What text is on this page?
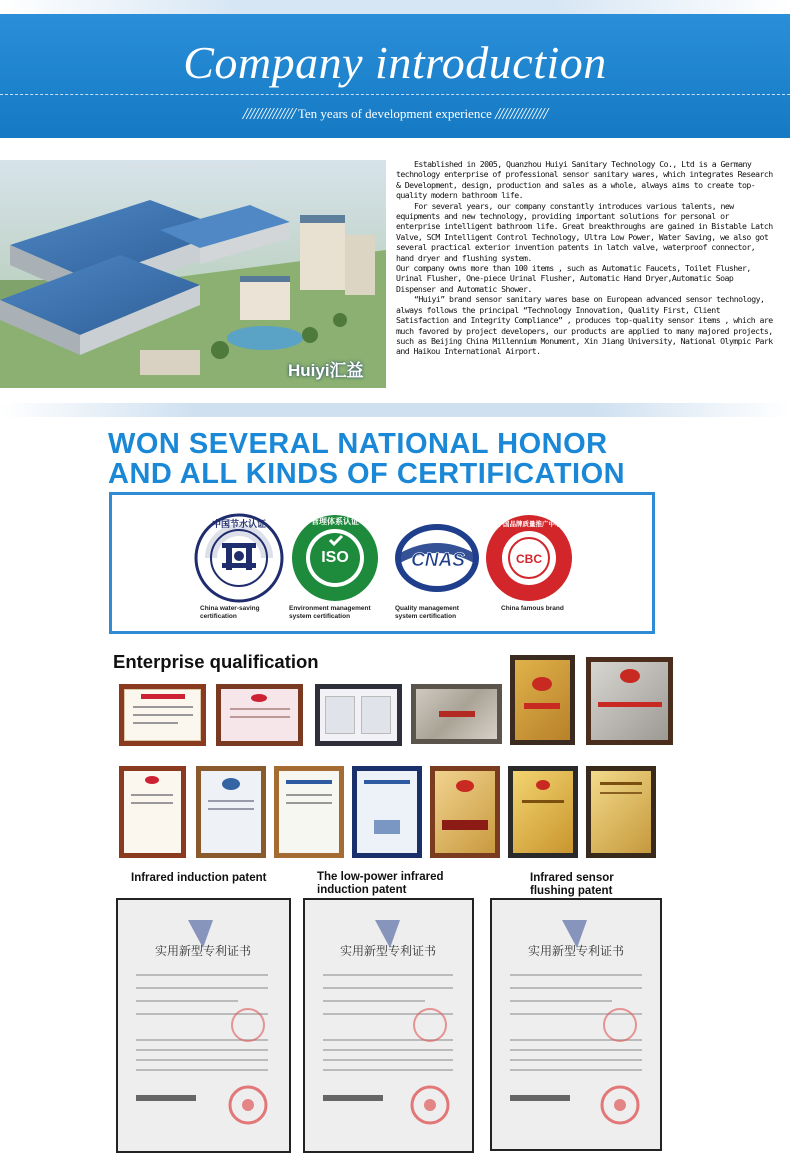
Company introduction
////////////// Ten years of development experience //////////////
Huiyi汇益

Established in 2005, Quanzhou Huiyi Sanitary Technology Co., Ltd is a Germany technology enterprise of professional sensor sanitary wares, which integrates Research & Development, design, production and sales as a whole, always aims to create top-quality modern bathroom life.

For several years, our company constantly introduces various talents, new equipments and new technology, providing important solutions for personal or enterprise intelligent bathroom life. Great breakthroughs are gained in Bistable Latch Valve, SCM Intelligent Control Technology, Ultra Low Power, Water Saving, we also got several practical exterior invention patents in latch valve, waterproof connector, hand dryer and flushing system.

Our company owns more than 100 items , such as Automatic Faucets, Toilet Flusher, Urinal Flusher, One-piece Urinal Flusher, Automatic Hand Dryer,Automatic Soap Dispenser and Automatic Shower.

“Huiyi” brand sensor sanitary wares base on European advanced sensor technology, always follows the principal “Technology Innovation, Quality First, Client Satisfaction and Integrity Compliance” , produces top-quality sensor items , which are much favored by project developers, our products are applied to many majored projects, such as Beijing China Millennium Monument, Xin Jiang University, National Olympic Park and Haikou International Airport.

WON SEVERAL NATIONAL HONOR
AND ALL KINDS OF CERTIFICATION
中国节水认证
China water-saving
certification
ISO
14001
管理体系认证
Environment management
system certification
CNAS
Quality management
system certification
CBC
中国品牌质量推广中心
China famous brand
Enterprise qualification
Infrared induction patent	The low-power infrared
induction patent
Infrared sensor
flushing patent
实用新型专利证书	实用新型专利证书	实用新型专利证书
